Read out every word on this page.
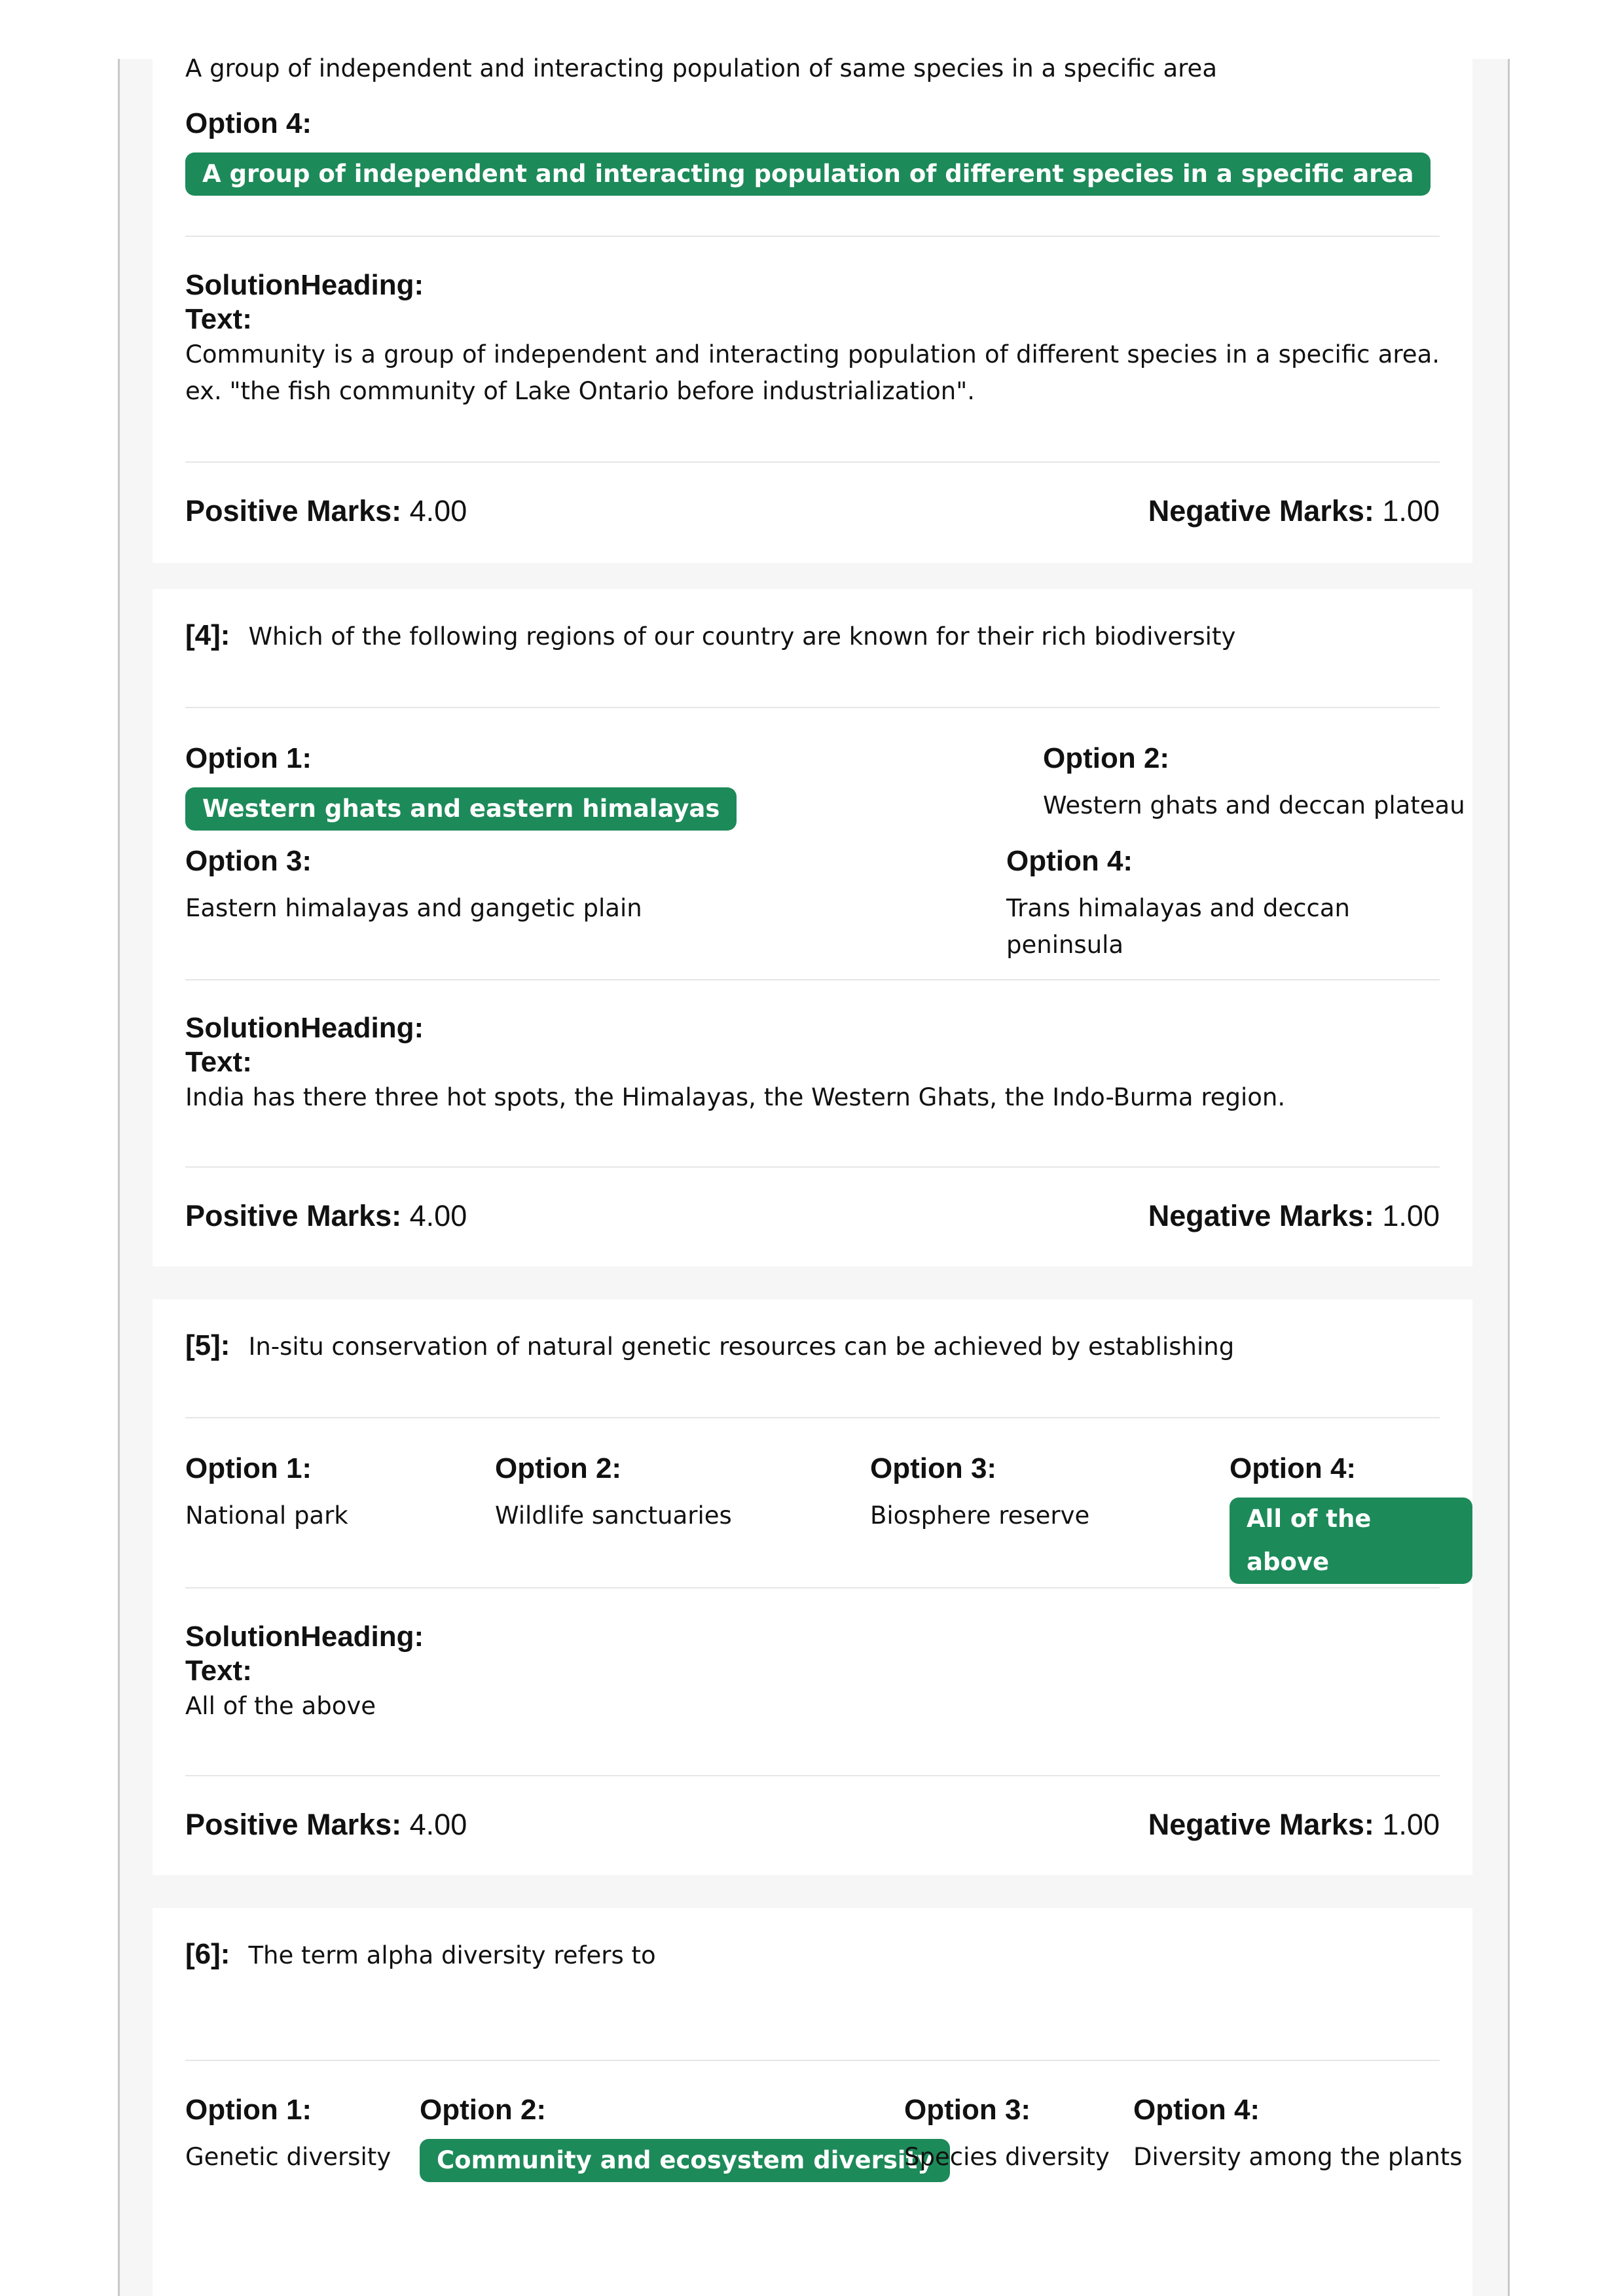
A group of independent and interacting population of same species in a specific area
Option 4:
A group of independent and interacting population of different species in a specific area
SolutionHeading:
Text:
Community is a group of independent and interacting population of different species in a specific area. ex. "the fish community of Lake Ontario before industrialization".
Positive Marks: 4.00	Negative Marks: 1.00
[4]: Which of the following regions of our country are known for their rich biodiversity
Option 1:
Western ghats and eastern himalayas
Option 2:
Western ghats and deccan plateau
Option 3:
Eastern himalayas and gangetic plain
Option 4:
Trans himalayas and deccan peninsula
SolutionHeading:
Text:
India has there three hot spots, the Himalayas, the Western Ghats, the Indo-Burma region.
Positive Marks: 4.00	Negative Marks: 1.00
[5]: In-situ conservation of natural genetic resources can be achieved by establishing
Option 1:
National park
Option 2:
Wildlife sanctuaries
Option 3:
Biosphere reserve
Option 4:
All of the above
SolutionHeading:
Text:
All of the above
Positive Marks: 4.00	Negative Marks: 1.00
[6]: The term alpha diversity refers to
Option 1:
Genetic diversity
Option 2:
Community and ecosystem diversity
Option 3:
Species diversity
Option 4:
Diversity among the plants
